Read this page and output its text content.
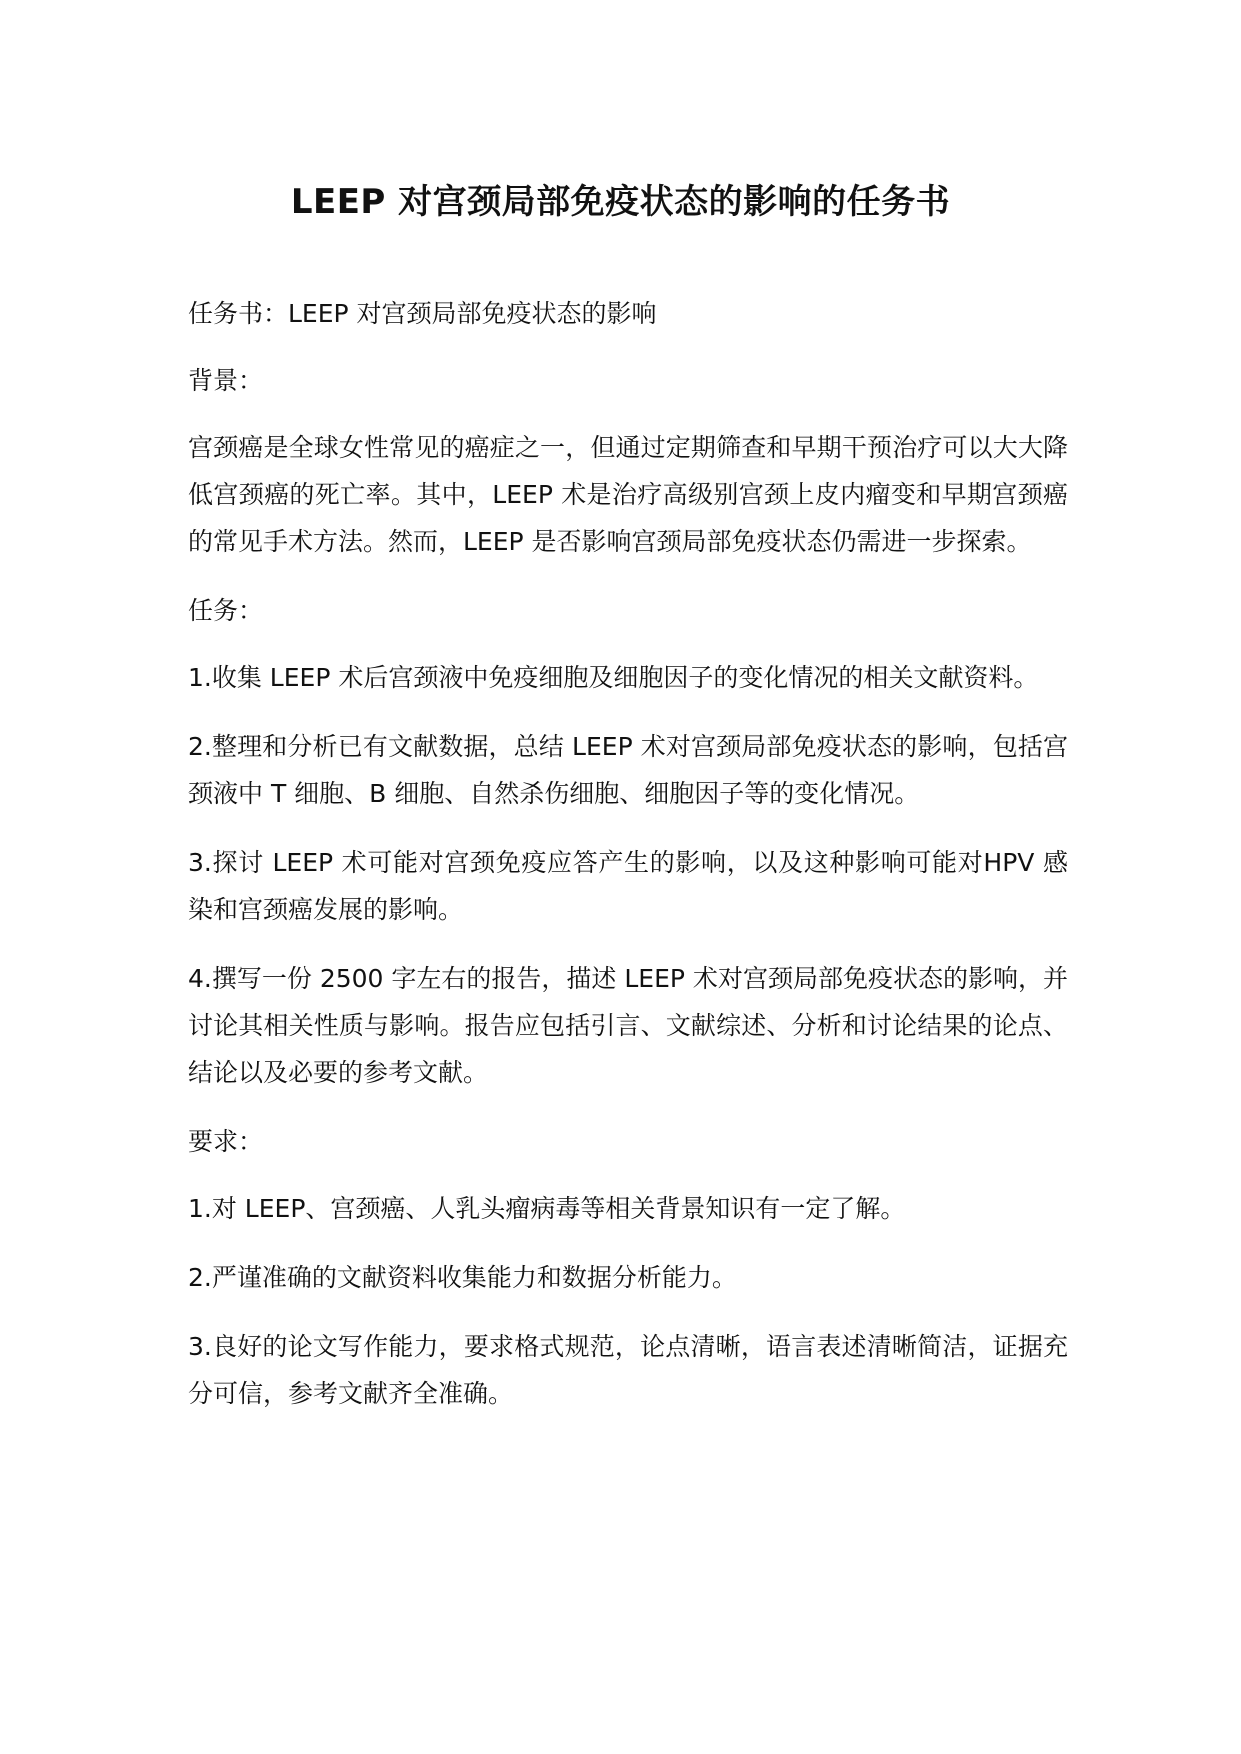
LEEP 对宫颈局部免疫状态的影响的任务书

任务书：LEEP 对宫颈局部免疫状态的影响

背景：

宫颈癌是全球女性常见的癌症之一，但通过定期筛查和早期干预治疗可以大大降低宫颈癌的死亡率。其中，LEEP 术是治疗高级别宫颈上皮内瘤变和早期宫颈癌的常见手术方法。然而，LEEP 是否影响宫颈局部免疫状态仍需进一步探索。

任务：

1.收集 LEEP 术后宫颈液中免疫细胞及细胞因子的变化情况的相关文献资料。

2.整理和分析已有文献数据，总结 LEEP 术对宫颈局部免疫状态的影响，包括宫颈液中 T 细胞、B 细胞、自然杀伤细胞、细胞因子等的变化情况。

3.探讨 LEEP 术可能对宫颈免疫应答产生的影响，以及这种影响可能对HPV 感染和宫颈癌发展的影响。

4.撰写一份 2500 字左右的报告，描述 LEEP 术对宫颈局部免疫状态的影响，并讨论其相关性质与影响。报告应包括引言、文献综述、分析和讨论结果的论点、结论以及必要的参考文献。

要求：

1.对 LEEP、宫颈癌、人乳头瘤病毒等相关背景知识有一定了解。

2.严谨准确的文献资料收集能力和数据分析能力。

3.良好的论文写作能力，要求格式规范，论点清晰，语言表述清晰简洁，证据充分可信，参考文献齐全准确。
